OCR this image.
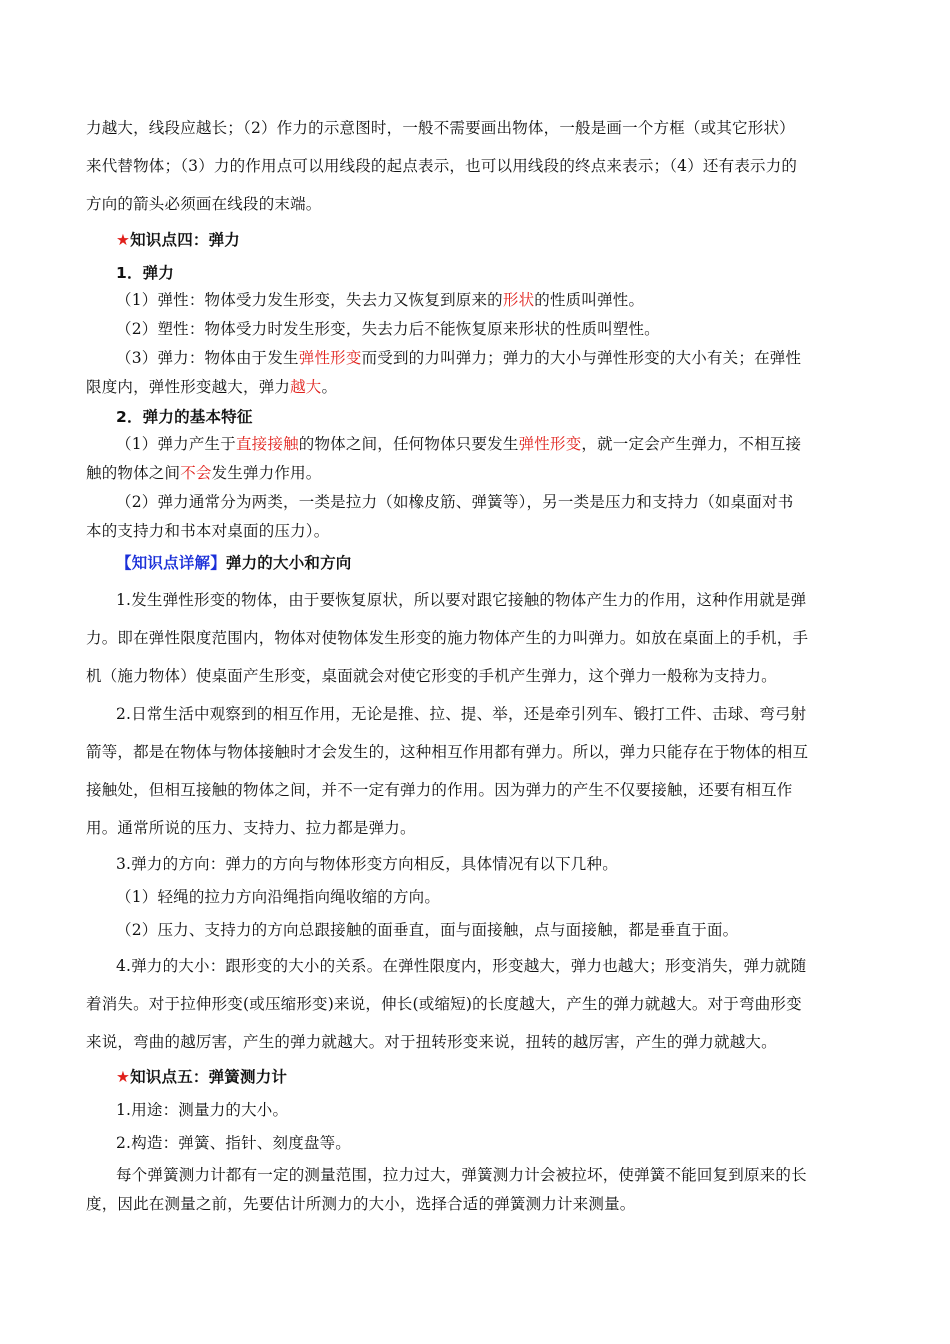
力越大，线段应越长；（2）作力的示意图时，一般不需要画出物体，一般是画一个方框（或其它形状）
来代替物体；（3）力的作用点可以用线段的起点表示，也可以用线段的终点来表示；（4）还有表示力的
方向的箭头必须画在线段的末端。
★知识点四：弹力
1．弹力
（1）弹性：物体受力发生形变，失去力又恢复到原来的形状的性质叫弹性。
（2）塑性：物体受力时发生形变，失去力后不能恢复原来形状的性质叫塑性。
（3）弹力：物体由于发生弹性形变而受到的力叫弹力；弹力的大小与弹性形变的大小有关；在弹性
限度内，弹性形变越大，弹力越大。
2．弹力的基本特征
（1）弹力产生于直接接触的物体之间，任何物体只要发生弹性形变，就一定会产生弹力，不相互接
触的物体之间不会发生弹力作用。
（2）弹力通常分为两类，一类是拉力（如橡皮筋、弹簧等），另一类是压力和支持力（如桌面对书
本的支持力和书本对桌面的压力）。
【知识点详解】弹力的大小和方向
1.发生弹性形变的物体，由于要恢复原状，所以要对跟它接触的物体产生力的作用，这种作用就是弹
力。即在弹性限度范围内，物体对使物体发生形变的施力物体产生的力叫弹力。如放在桌面上的手机，手
机（施力物体）使桌面产生形变，桌面就会对使它形变的手机产生弹力，这个弹力一般称为支持力。
2.日常生活中观察到的相互作用，无论是推、拉、提、举，还是牵引列车、锻打工件、击球、弯弓射
箭等，都是在物体与物体接触时才会发生的，这种相互作用都有弹力。所以，弹力只能存在于物体的相互
接触处，但相互接触的物体之间，并不一定有弹力的作用。因为弹力的产生不仅要接触，还要有相互作
用。通常所说的压力、支持力、拉力都是弹力。
3.弹力的方向：弹力的方向与物体形变方向相反，具体情况有以下几种。
（1）轻绳的拉力方向沿绳指向绳收缩的方向。
（2）压力、支持力的方向总跟接触的面垂直，面与面接触，点与面接触，都是垂直于面。
4.弹力的大小：跟形变的大小的关系。在弹性限度内，形变越大，弹力也越大；形变消失，弹力就随
着消失。对于拉伸形变(或压缩形变)来说，伸长(或缩短)的长度越大，产生的弹力就越大。对于弯曲形变
来说，弯曲的越厉害，产生的弹力就越大。对于扭转形变来说，扭转的越厉害，产生的弹力就越大。
★知识点五：弹簧测力计
1.用途：测量力的大小。
2.构造：弹簧、指针、刻度盘等。
每个弹簧测力计都有一定的测量范围，拉力过大，弹簧测力计会被拉坏，使弹簧不能回复到原来的长
度，因此在测量之前，先要估计所测力的大小，选择合适的弹簧测力计来测量。
